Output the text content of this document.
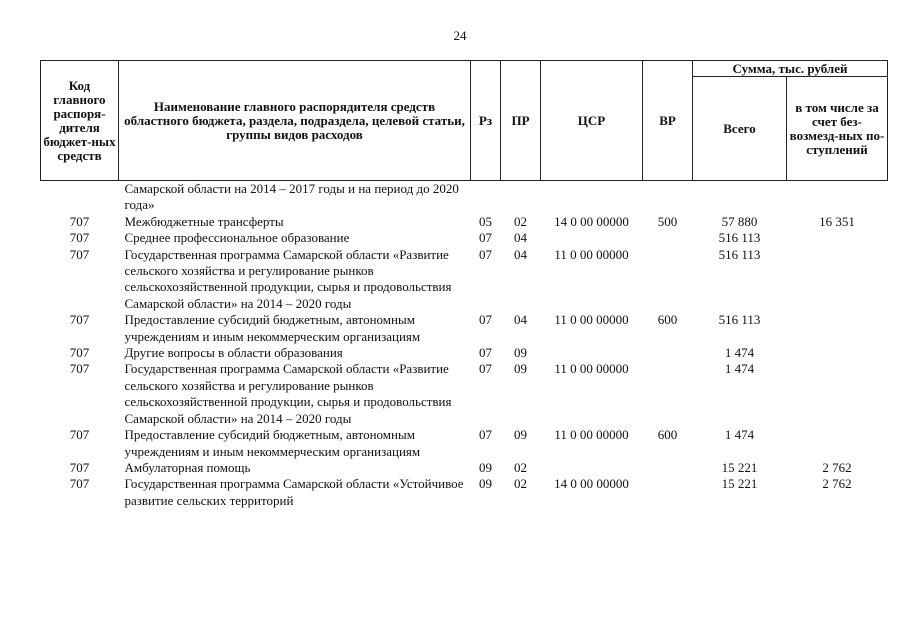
24
Код главного распоря-дителя бюджет-ных средств	Наименование главного распорядителя средств областного бюджета, раздела, подраздела, целевой статьи, группы видов расходов	Рз	ПР	ЦСР	ВР	Сумма, тыс. рублей	
						Всего	в том числе за счет без-возмезд-ных по-ступлений
	Самарской области на 2014 – 2017 годы и на период до 2020 года»						
707	Межбюджетные трансферты	05	02	14 0 00 00000	500	57 880	16 351
707	Среднее профессиональное образование	07	04			516 113	
707	Государственная программа Самарской области «Развитие сельского хозяйства и регулирование рынков сельскохозяйственной продукции, сырья и продовольствия Самарской области» на 2014 – 2020 годы	07	04	11 0 00 00000		516 113	
707	Предоставление субсидий бюджетным, автономным учреждениям и иным некоммерческим организациям	07	04	11 0 00 00000	600	516 113	
707	Другие вопросы в области образования	07	09			1 474	
707	Государственная программа Самарской области «Развитие сельского хозяйства и регулирование рынков сельскохозяйственной продукции, сырья и продовольствия Самарской области» на 2014 – 2020 годы	07	09	11 0 00 00000		1 474	
707	Предоставление субсидий бюджетным, автономным учреждениям и иным некоммерческим организациям	07	09	11 0 00 00000	600	1 474	
707	Амбулаторная помощь	09	02			15 221	2 762
707	Государственная программа Самарской области «Устойчивое развитие сельских территорий	09	02	14 0 00 00000		15 221	2 762
